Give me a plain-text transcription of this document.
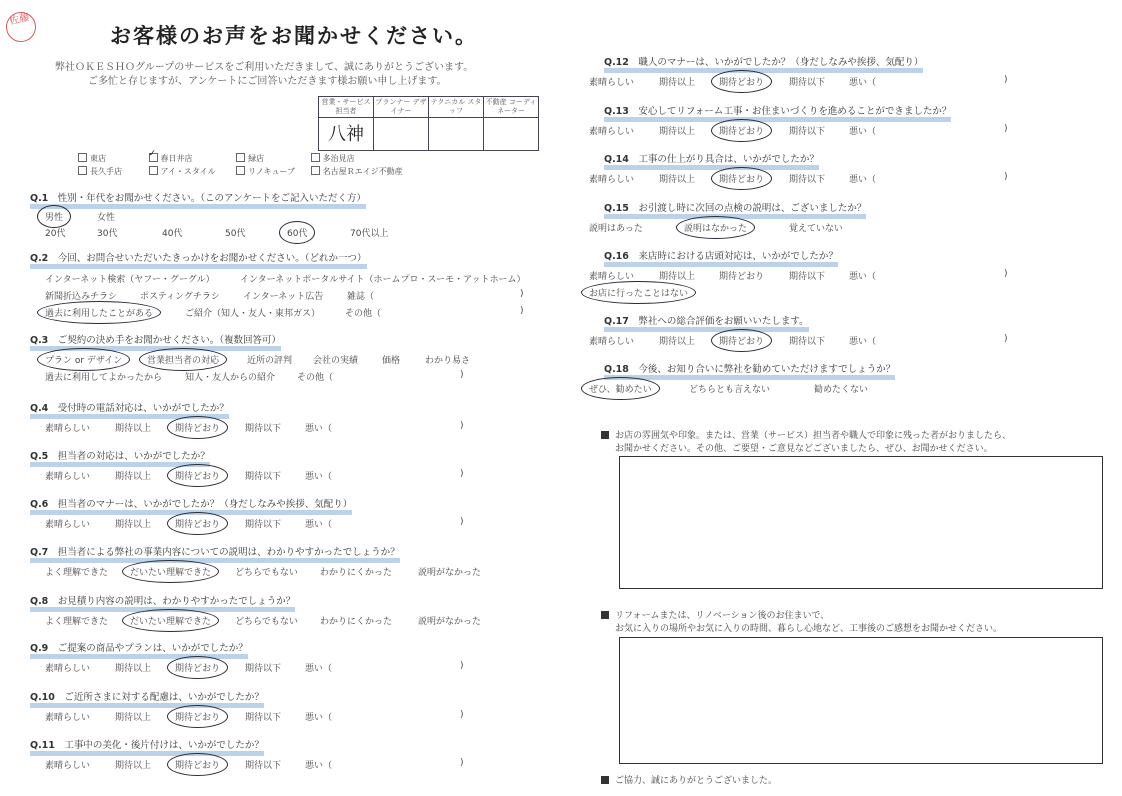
佐藤
お客様のお声をお聞かせください。
弊社ＯＫＥＳＨＯグループのサービスをご利用いただきまして、誠にありがとうございます。
ご多忙と存じますが、アンケートにご回答いただきます様お願い申し上げます。
営業・サービス 担当者	プランナー デザイナー	テクニカル スタッフ	不動産 コーディネーター
八神			
東店 ✓	春日井店	緑店	多治見店
長久手店	アイ・スタイル	リノキューブ	名古屋Ｒエイジ不動産
Q.1　性別・年代をお聞かせください。（このアンケートをご記入いただく方）
男性	女性
20代	30代	40代	50代	60代	70代以上
Q.2　今回、お問合せいただいたきっかけをお聞かせください。（どれか一つ）
インターネット検索（ヤフー・グーグル）	インターネットポータルサイト（ホームプロ・スーモ・アットホーム）
新聞折込みチラシ	ポスティングチラシ	インターネット広告	雑誌（	)
過去に利用したことがある	ご紹介（知人・友人・東邦ガス）	その他（	)
Q.3　ご契約の決め手をお聞かせください。（複数回答可）
プラン or デザイン	営業担当者の対応	近所の評判 会社の実績	価格	わかり易さ
過去に利用してよかったから	知人・友人からの紹介 その他（	)
Q.4　受付時の電話対応は、いかがでしたか？
素晴らしい	期待以上	期待どおり	期待以下	悪い（	)
Q.5　担当者の対応は、いかがでしたか？
素晴らしい	期待以上	期待どおり	期待以下	悪い（	)
Q.6　担当者のマナーは、いかがでしたか？（身だしなみや挨拶、気配り）
素晴らしい	期待以上	期待どおり	期待以下	悪い（	)
Q.7　担当者による弊社の事業内容についての説明は、わかりやすかったでしょうか？
よく理解できた だいたい理解できた	どちらでもない わかりにくかった	説明がなかった
Q.8　お見積り内容の説明は、わかりやすかったでしょうか？
よく理解できた だいたい理解できた	どちらでもない わかりにくかった	説明がなかった
Q.9　ご提案の商品やプランは、いかがでしたか？
素晴らしい	期待以上	期待どおり	期待以下	悪い（	)
Q.10　ご近所さまに対する配慮は、いかがでしたか？
素晴らしい	期待以上	期待どおり	期待以下	悪い（	)
Q.11　工事中の美化・後片付けは、いかがでしたか？
素晴らしい	期待以上	期待どおり	期待以下	悪い（	)
Q.12　職人のマナーは、いかがでしたか？（身だしなみや挨拶、気配り）
素晴らしい	期待以上	期待どおり	期待以下	悪い（	)
Q.13　安心してリフォーム工事・お住まいづくりを進めることができましたか？
素晴らしい	期待以上	期待どおり	期待以下	悪い（	)
Q.14　工事の仕上がり具合は、いかがでしたか？
素晴らしい	期待以上	期待どおり	期待以下	悪い（	)
Q.15　お引渡し時に次回の点検の説明は、ございましたか？
説明はあった	説明はなかった	覚えていない
Q.16　来店時における店頭対応は、いかがでしたか？
素晴らしい	期待以上	期待どおり	期待以下	悪い（	)
お店に行ったことはない
Q.17　弊社への総合評価をお願いいたします。
素晴らしい	期待以上	期待どおり	期待以下	悪い（	)
Q.18　今後、お知り合いに弊社を勧めていただけますでしょうか？
ぜひ、勧めたい	どちらとも言えない	勧めたくない
お店の雰囲気や印象。または、営業（サービス）担当者や職人で印象に残った者がおりましたら、
お聞かせください。その他、ご要望・ご意見などございましたら、ぜひ、お聞かせください。
リフォームまたは、リノベーション後のお住まいで、
お気に入りの場所やお気に入りの時間、暮らし心地など、工事後のご感想をお聞かせください。
ご協力、誠にありがとうございました。
